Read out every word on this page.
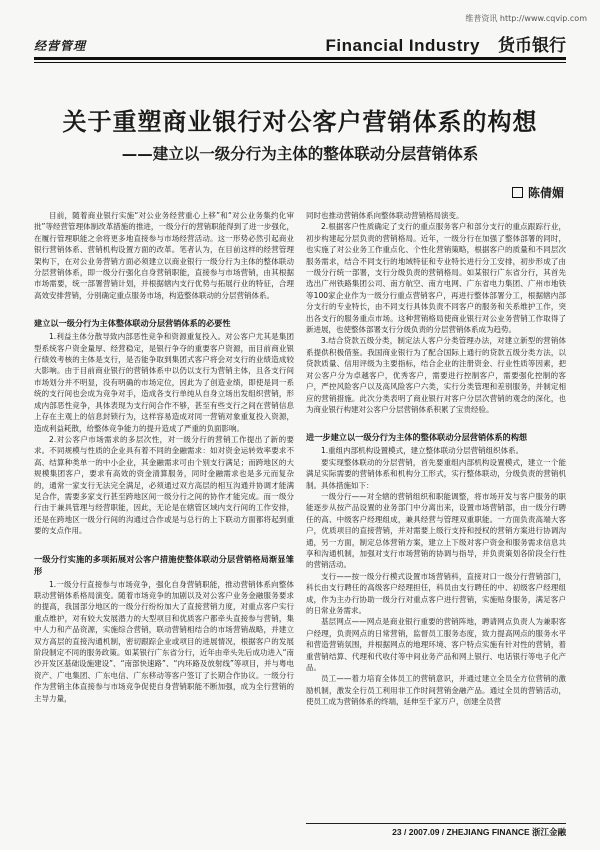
维普资讯 http://www.cqvip.com
经营管理	Financial Industry 货币银行
关于重塑商业银行对公客户营销体系的构想
——建立以一级分行为主体的整体联动分层营销体系
陈倩媚

目前，随着商业银行实施“对公业务经营重心上移”和“对公业务集约化审批”等经营管理体制改革措施的推进，一级分行的营销职能得到了进一步强化，在履行管理职能之余将更多地直接参与市场经营活动。这一形势必然引起商业银行营销体系、营销机构设置方面的改革。笔者认为，在目前这样的经营管理架构下，在对公业务营销方面必须建立以商业银行一级分行为主体的整体联动分层营销体系，即一级分行强化自身营销职能，直接参与市场营销，由其根据市场需要，统一部署营销计划，并根据辖内支行优势与拓展行业的特征，合理高效安排营销，分别确定重点服务市场，构造整体联动的分层营销体系。

建立以一级分行为主体整体联动分层营销体系的必要性

1.利益主体分散导致内部恶性竞争和资源重复投入。对公客户尤其是集团型系统客户资金量厚、经营稳定，是银行争夺的重要客户资源，而目前商业银行绩效考核的主体是支行，是否能争取到集团式客户将会对支行的业绩造成较大影响。由于目前商业银行的营销体系中以仍以支行为营销主体，且各支行间市场划分并不明显，没有明确的市场定位，因此为了创造业绩，即使是同一系统的支行间也会成为竞争对手，造成各支行单纯从自身立场出发组织营销，形成内部恶性竞争，具体表现为支行间合作不够，甚至有些支行之间在营销信息上存在主观上的信息封锁行为，这样容易造成对同一营销对象重复投入资源，造成利益耗散，给整体竞争能力的提升造成了严重的负面影响。

2.对公客户市场需求的多层次性，对一级分行的营销工作提出了新的要求。不同规模与性质的企业具有着不同的金融需求：如对资金运转效率要求不高、结算种类单一的中小企业，其金融需求可由个别支行满足；而跨地区的大规模集团客户，要求有高效的资金清算服务，同时金融需求也是多元而复杂的，通常一家支行无法完全满足，必须通过双方高层的相互沟通并协调才能满足合作，需要多家支行甚至跨地区间一级分行之间的协作才能完成。而一级分行由于兼具管理与经营职能，因此，无论是在辖管区域内支行间的工作安排，还是在跨地区一级分行间的沟通过合作或是与总行的上下联动方面都将起到重要的支点作用。

一级分行实施的多项拓展对公客户措施使整体联动分层营销格局渐显雏形

1.一级分行直接参与市场竞争，强化自身营销职能，推动营销体系向整体联动营销体系格局演变。随着市场竞争的加剧以及对公客户业务金融服务要求的提高，我国部分地区的一级分行纷纷加大了直接营销力度，对重点客户实行重点维护，对有较大发展潜力的大型项目和优质客户都牵头直接参与营销，集中人力和产品资源，实施综合营销，联动营销相结合的市场营销战略，并建立双方高层的直接沟通机制，密切跟踪企业或项目的进展情况，根据客户的发展阶段制定不同的服务政策。如某银行广东省分行，近年由牵头先后成功进入“南沙开发区基础设施建设”、“南部快速路”、“内环路及放射线”等项目，并与粤电资产、广电集团、广东电信、广东移动等客户签订了长期合作协议。一级分行作为营销主体直接参与市场竞争促使自身营销职能不断加强，成为全行营销的主导力量，

同时也推动营销体系向整体联动营销格局演变。

2.根据客户性质确定了支行的重点服务客户和部分支行的重点跟踪行业，初步构建起分层负责的营销格局。近年，一级分行在加强了整体部署的同时，也实施了对公业务工作重点化、个性化营销策略，根据客户的质量和不同层次服务需求，结合不同支行的地域特征和专业特长进行分工安排，初步形成了由一级分行统一部署，支行分级负责的营销格局。如某银行广东省分行，其首先选出广州铁路集团公司、南方航空、南方电网、广东省电力集团、广州市地铁等100家企业作为一级分行重点营销客户，再进行整体部署分工，根据辖内部分支行的专业特长，由不同支行具体负责不同客户的服务和关系维护工作，突出各支行的服务重点市场。这种营销格局使商业银行对公业务营销工作取得了新进展，也使整体部署支行分级负责的分层营销体系成为趋势。

3.结合贷款五级分类，制定法人客户分类管理办法，对建立新型的营销体系提供积极借鉴。我国商业银行为了配合国际上通行的贷款五级分类方法，以贷款质量、信用评级为主要指标，结合企业的注册资金、行业性质等因素，把对公客户分为卓越客户，优秀客户，需要进行控制客户，需要强化控制的客户，严控风险客户以及高风险客户六类，实行分类管理和差别服务，并制定相应的营销措施。此次分类表明了商业银行对客户分层次营销的观念的深化，也为商业银行构建对公客户分层营销体系积累了宝贵经验。

进一步建立以一级分行为主体的整体联动分层营销体系的构想

1.重组内部机构设置模式，建立整体联动分层营销组织体系。

要实现整体联动的分层营销，首先要重组内部机构设置模式，建立一个能满足实际需要的营销体系和机构分工形式，实行整体联动，分级负责的营销机制。具体措施如下：

一级分行——对全辖的营销组织和职能调整，将市场开发与客户服务的职能逐步从按产品设置的业务部门中分离出来，设置市场营销部，由一级分行聘任的高、中级客户经理组成，兼具经营与管理双重职能。一方面负责高端大客户，优质项目的直接营销，并对需要上级行支持和授权的营销方案进行协调沟通，另一方面，制定总体营销方案，建立上下级对客户资金和服务需求信息共享和沟通机制，加强对支行市场营销的协调与指导，并负责策划各阶段全行性的营销活动。

支行——按一级分行模式设置市场营销科，直接对口一级分行营销部门，科长由支行聘任的高级客户经理担任，科员由支行聘任的中、初级客户经理组成，作为主办行协助一级分行对重点客户进行营销，实施贴身服务，满足客户的日常业务需求。

基层网点——网点是商业银行重要的营销阵地，聘请网点负责人为兼职客户经理，负责网点的日常营销，监督员工服务态度，致力提高网点的服务水平和营造营销氛围，并根据网点的地理环境、客户特点实施有针对性的营销，着重营销结算、代理和代收付等中间业务产品和网上银行、电话银行等电子化产品。

员工——着力培育全体员工的营销意识，并通过建立全员全方位营销的激励机制，激发全行员工利用非工作时间营销金融产品。通过全员的营销活动，使员工成为营销体系的终端，延伸至千家万户，创建全员营

23 / 2007.09 / ZHEJIANG FINANCE 浙江金融
